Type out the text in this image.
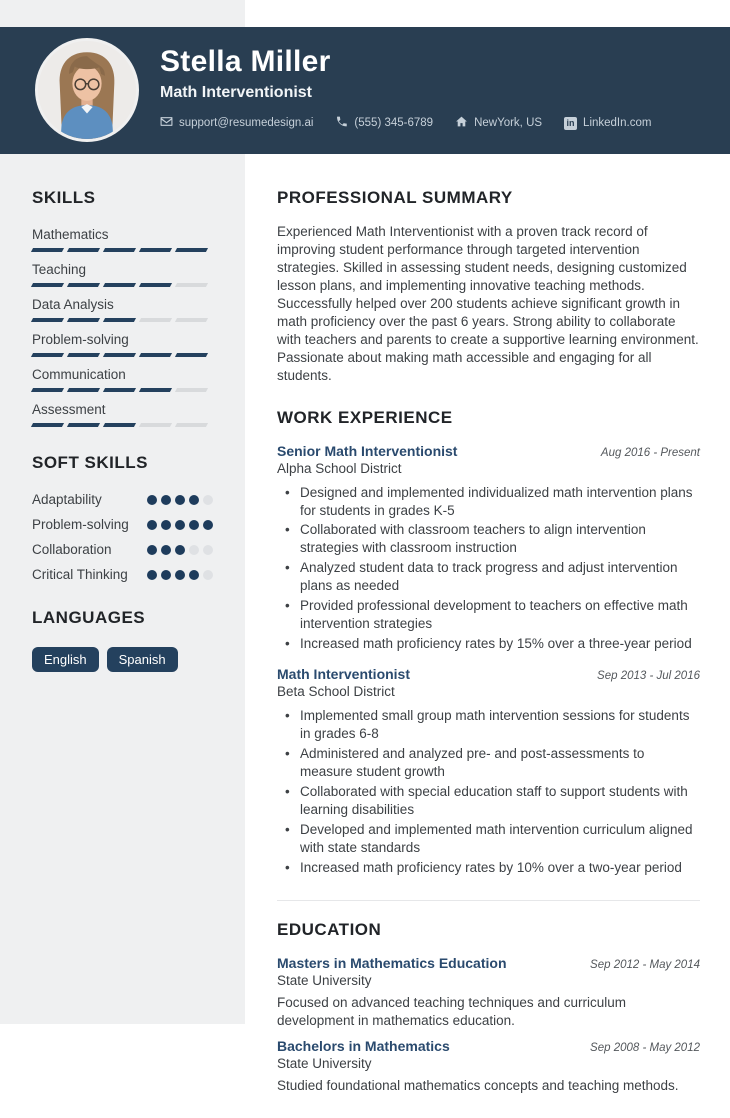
SKILLS
Mathematics
Teaching
Data Analysis
Problem-solving
Communication
Assessment
SOFT SKILLS
Adaptability
Problem-solving
Collaboration
Critical Thinking
LANGUAGES
English	Spanish
Stella Miller
Math Interventionist
support@resumedesign.ai	(555) 345-6789	NewYork, US	in LinkedIn.com
PROFESSIONAL SUMMARY

Experienced Math Interventionist with a proven track record of improving student performance through targeted intervention strategies. Skilled in assessing student needs, designing customized lesson plans, and implementing innovative teaching methods. Successfully helped over 200 students achieve significant growth in math proficiency over the past 6 years. Strong ability to collaborate with teachers and parents to create a supportive learning environment. Passionate about making math accessible and engaging for all students.

WORK EXPERIENCE
Senior Math Interventionist	Aug 2016 - Present
Alpha School District
• Designed and implemented individualized math intervention plans for students in grades K-5
• Collaborated with classroom teachers to align intervention strategies with classroom instruction
• Analyzed student data to track progress and adjust intervention plans as needed
• Provided professional development to teachers on effective math intervention strategies
• Increased math proficiency rates by 15% over a three-year period
Math Interventionist	Sep 2013 - Jul 2016
Beta School District
• Implemented small group math intervention sessions for students in grades 6-8
• Administered and analyzed pre- and post-assessments to measure student growth
• Collaborated with special education staff to support students with learning disabilities
• Developed and implemented math intervention curriculum aligned with state standards
• Increased math proficiency rates by 10% over a two-year period
EDUCATION
Masters in Mathematics Education	Sep 2012 - May 2014
State University

Focused on advanced teaching techniques and curriculum development in mathematics education.

Bachelors in Mathematics	Sep 2008 - May 2012
State University

Studied foundational mathematics concepts and teaching methods.
